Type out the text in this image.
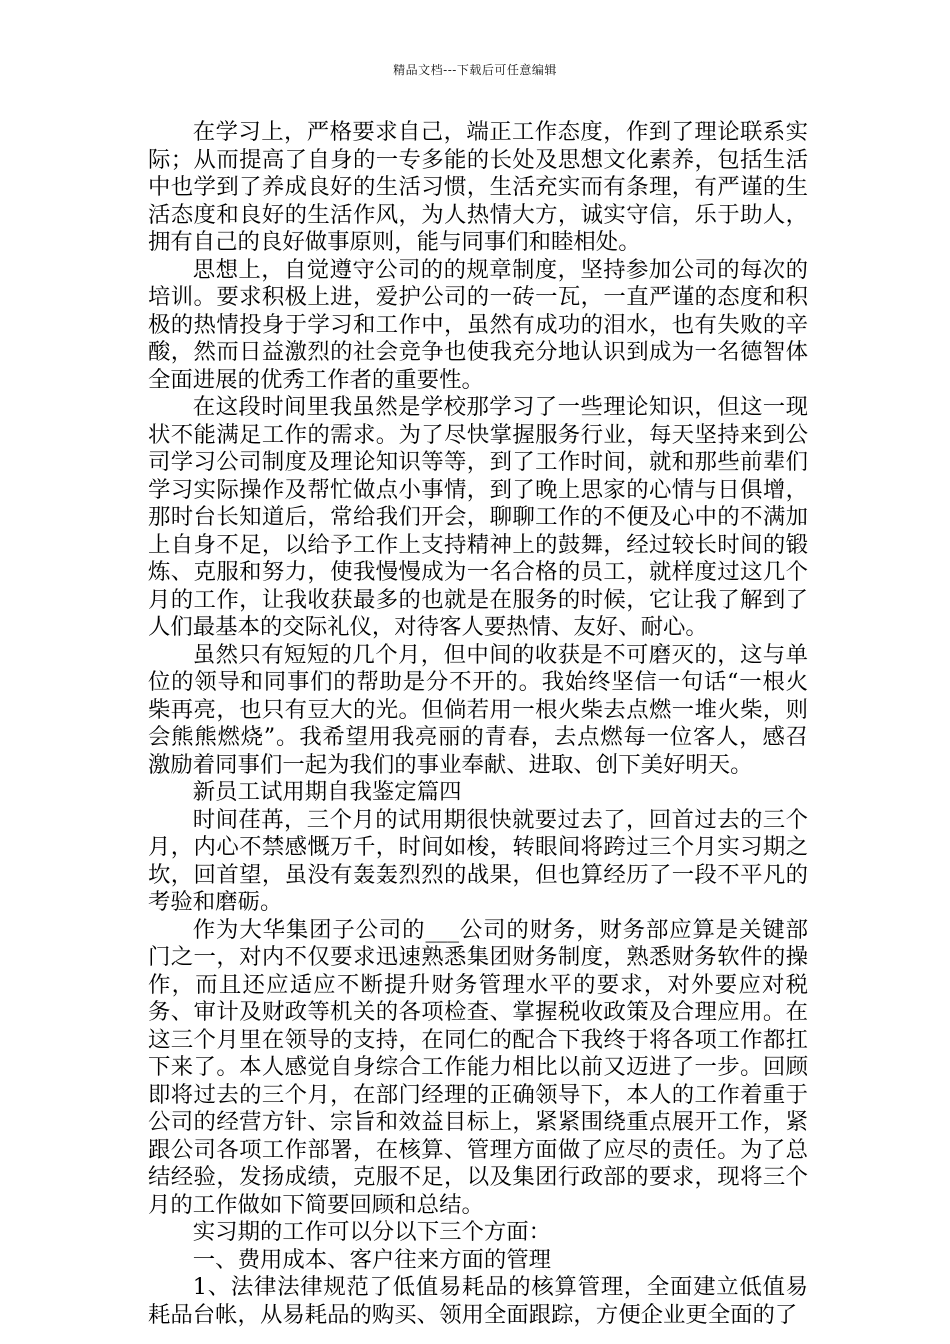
精品文档---下载后可任意编辑

在学习上，严格要求自己，端正工作态度，作到了理论联系实际；从而提高了自身的一专多能的长处及思想文化素养，包括生活中也学到了养成良好的生活习惯，生活充实而有条理，有严谨的生活态度和良好的生活作风，为人热情大方，诚实守信，乐于助人，拥有自己的良好做事原则，能与同事们和睦相处。

思想上，自觉遵守公司的的规章制度，坚持参加公司的每次的培训。要求积极上进，爱护公司的一砖一瓦，一直严谨的态度和积极的热情投身于学习和工作中，虽然有成功的泪水，也有失败的辛酸，然而日益激烈的社会竞争也使我充分地认识到成为一名德智体全面进展的优秀工作者的重要性。

在这段时间里我虽然是学校那学习了一些理论知识，但这一现状不能满足工作的需求。为了尽快掌握服务行业，每天坚持来到公司学习公司制度及理论知识等等，到了工作时间，就和那些前辈们学习实际操作及帮忙做点小事情，到了晚上思家的心情与日俱增，那时台长知道后，常给我们开会，聊聊工作的不便及心中的不满加上自身不足，以给予工作上支持精神上的鼓舞，经过较长时间的锻炼、克服和努力，使我慢慢成为一名合格的员工，就样度过这几个月的工作，让我收获最多的也就是在服务的时候，它让我了解到了人们最基本的交际礼仪，对待客人要热情、友好、耐心。

虽然只有短短的几个月，但中间的收获是不可磨灭的，这与单位的领导和同事们的帮助是分不开的。我始终坚信一句话“一根火柴再亮，也只有豆大的光。但倘若用一根火柴去点燃一堆火柴，则会熊熊燃烧”。我希望用我亮丽的青春，去点燃每一位客人，感召激励着同事们一起为我们的事业奉献、进取、创下美好明天。

新员工试用期自我鉴定篇四

时间荏苒，三个月的试用期很快就要过去了，回首过去的三个月，内心不禁感慨万千，时间如梭，转眼间将跨过三个月实习期之坎，回首望，虽没有轰轰烈烈的战果，但也算经历了一段不平凡的考验和磨砺。

作为大华集团子公司的___公司的财务，财务部应算是关键部门之一，对内不仅要求迅速熟悉集团财务制度，熟悉财务软件的操作，而且还应适应不断提升财务管理水平的要求，对外要应对税务、审计及财政等机关的各项检查、掌握税收政策及合理应用。在这三个月里在领导的支持，在同仁的配合下我终于将各项工作都扛下来了。本人感觉自身综合工作能力相比以前又迈进了一步。回顾即将过去的三个月，在部门经理的正确领导下，本人的工作着重于公司的经营方针、宗旨和效益目标上，紧紧围绕重点展开工作，紧跟公司各项工作部署，在核算、管理方面做了应尽的责任。为了总结经验，发扬成绩，克服不足，以及集团行政部的要求，现将三个月的工作做如下简要回顾和总结。

实习期的工作可以分以下三个方面：

一、费用成本、客户往来方面的管理

1、法律法律规范了低值易耗品的核算管理，全面建立低值易耗品台帐，从易耗品的购买、领用全面跟踪，方便企业更全面的了
